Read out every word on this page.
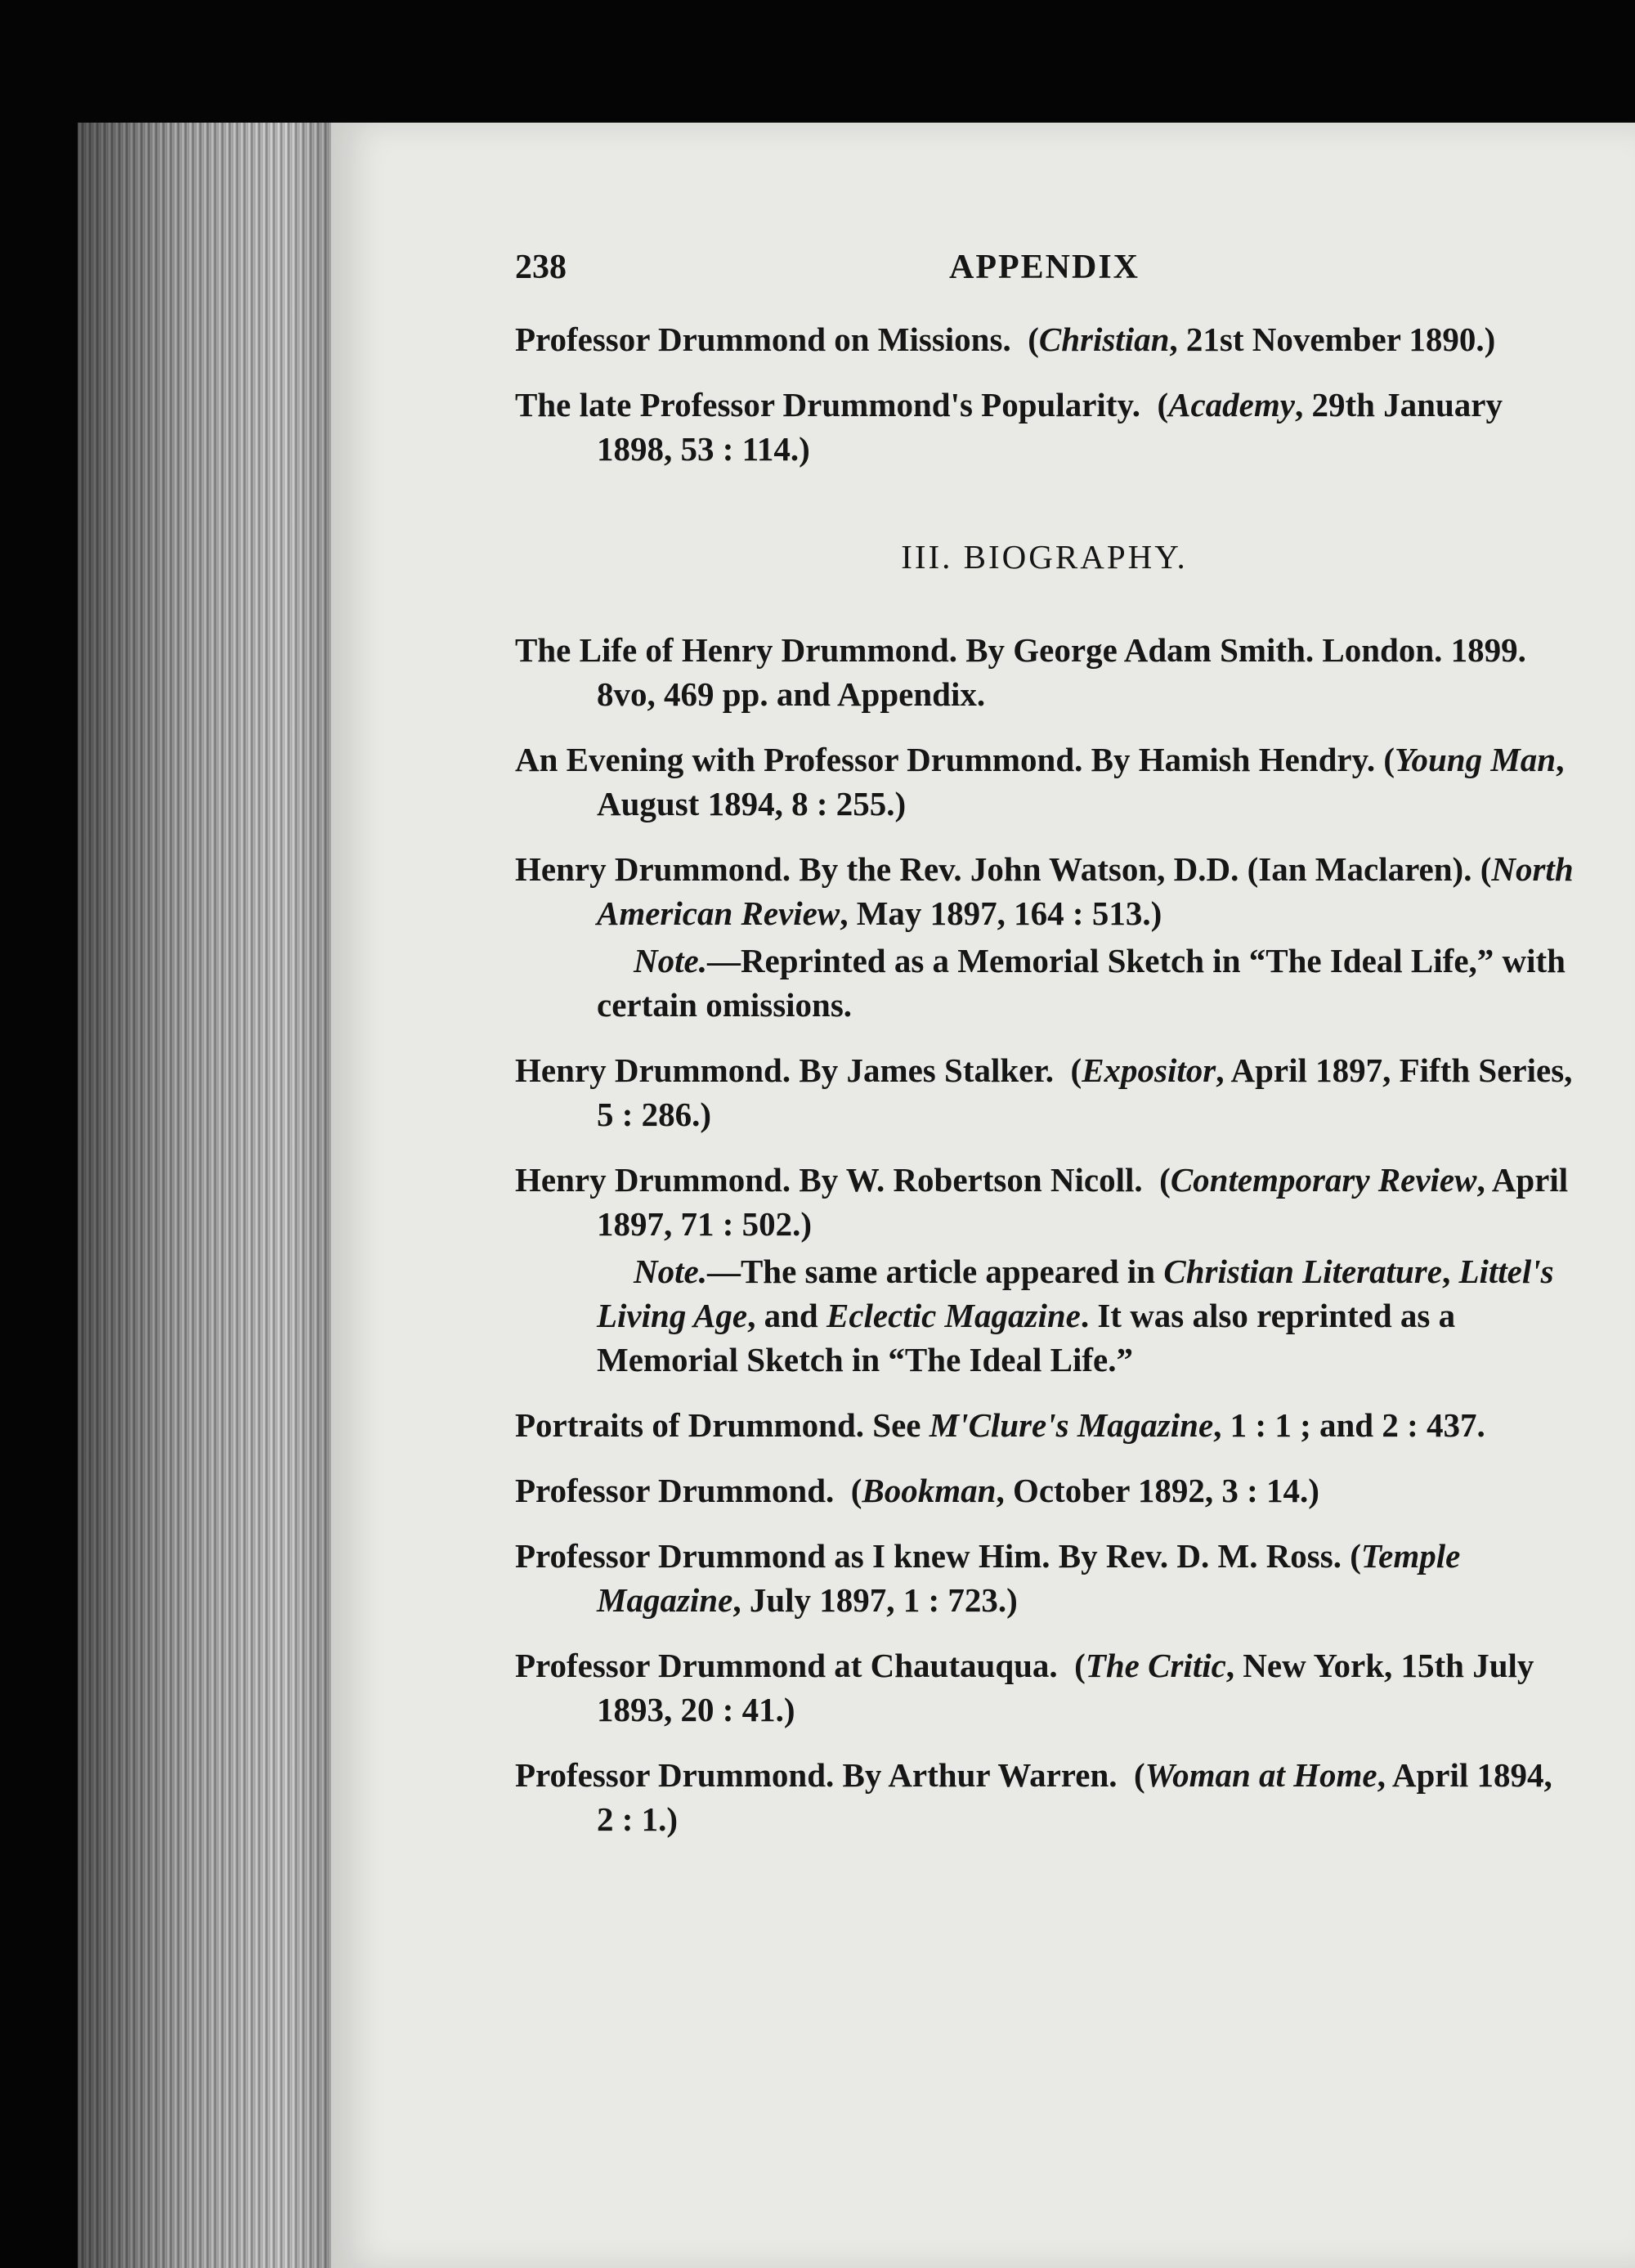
238	APPENDIX

Professor Drummond on Missions.  (Christian, 21st November 1890.)

The late Professor Drummond's Popularity.  (Academy, 29th January 1898, 53 : 114.)

III. BIOGRAPHY.

The Life of Henry Drummond. By George Adam Smith. London. 1899. 8vo, 469 pp. and Appendix.

An Evening with Professor Drummond. By Hamish Hendry. (Young Man, August 1894, 8 : 255.)

Henry Drummond. By the Rev. John Watson, D.D. (Ian Maclaren). (North American Review, May 1897, 164 : 513.)

Note.—Reprinted as a Memorial Sketch in “The Ideal Life,” with certain omissions.

Henry Drummond. By James Stalker.  (Expositor, April 1897, Fifth Series, 5 : 286.)

Henry Drummond. By W. Robertson Nicoll.  (Contemporary Review, April 1897, 71 : 502.)

Note.—The same article appeared in Christian Literature, Littel's Living Age, and Eclectic Magazine. It was also reprinted as a Memorial Sketch in “The Ideal Life.”

Portraits of Drummond. See M'Clure's Magazine, 1 : 1 ; and 2 : 437.

Professor Drummond.  (Bookman, October 1892, 3 : 14.)

Professor Drummond as I knew Him. By Rev. D. M. Ross. (Temple Magazine, July 1897, 1 : 723.)

Professor Drummond at Chautauqua.  (The Critic, New York, 15th July 1893, 20 : 41.)

Professor Drummond. By Arthur Warren.  (Woman at Home, April 1894, 2 : 1.)
